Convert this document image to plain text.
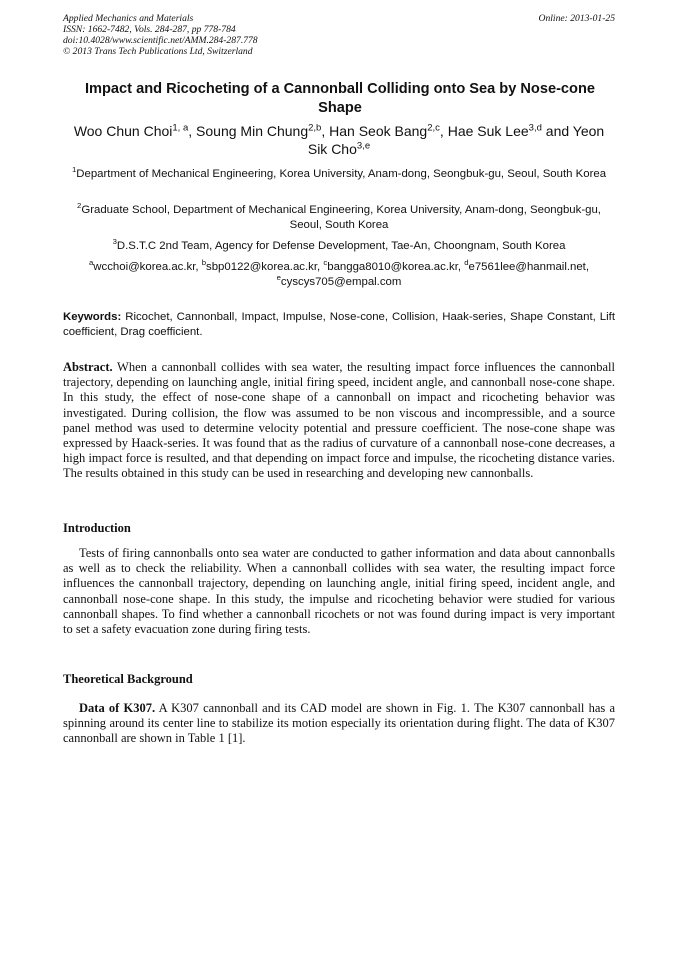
Applied Mechanics and Materials
ISSN: 1662-7482, Vols. 284-287, pp 778-784
doi:10.4028/www.scientific.net/AMM.284-287.778
© 2013 Trans Tech Publications Ltd, Switzerland
Online: 2013-01-25
Impact and Ricocheting of a Cannonball Colliding onto Sea by Nose-cone Shape
Woo Chun Choi$^{1, a}$, Soung Min Chung$^{2,b}$, Han Seok Bang$^{2,c}$, Hae Suk Lee$^{3,d}$ and Yeon Sik Cho$^{3,e}$
$^1$Department of Mechanical Engineering, Korea University, Anam-dong, Seongbuk-gu, Seoul, South Korea
$^2$Graduate School, Department of Mechanical Engineering, Korea University, Anam-dong, Seongbuk-gu, Seoul, South Korea
$^3$D.S.T.C 2nd Team, Agency for Defense Development, Tae-An, Choongnam, South Korea
$^a$wcchoi@korea.ac.kr, $^b$sbp0122@korea.ac.kr, $^c$bangga8010@korea.ac.kr, $^d$e7561lee@hanmail.net, $^e$cyscys705@empal.com
Keywords: Ricochet, Cannonball, Impact, Impulse, Nose-cone, Collision, Haak-series, Shape Constant, Lift coefficient, Drag coefficient.
Abstract. When a cannonball collides with sea water, the resulting impact force influences the cannonball trajectory, depending on launching angle, initial firing speed, incident angle, and cannonball nose-cone shape. In this study, the effect of nose-cone shape of a cannonball on impact and ricocheting behavior was investigated. During collision, the flow was assumed to be non viscous and incompressible, and a source panel method was used to determine velocity potential and pressure coefficient. The nose-cone shape was expressed by Haack-series. It was found that as the radius of curvature of a cannonball nose-cone decreases, a high impact force is resulted, and that depending on impact force and impulse, the ricocheting distance varies. The results obtained in this study can be used in researching and developing new cannonballs.
Introduction
Tests of firing cannonballs onto sea water are conducted to gather information and data about cannonballs as well as to check the reliability. When a cannonball collides with sea water, the resulting impact force influences the cannonball trajectory, depending on launching angle, initial firing speed, incident angle, and cannonball nose-cone shape. In this study, the impulse and ricocheting behavior were studied for various cannonball shapes. To find whether a cannonball ricochets or not was found during impact is very important to set a safety evacuation zone during firing tests.
Theoretical Background
Data of K307. A K307 cannonball and its CAD model are shown in Fig. 1. The K307 cannonball has a spinning around its center line to stabilize its motion especially its orientation during flight. The data of K307 cannonball are shown in Table 1 [1].
